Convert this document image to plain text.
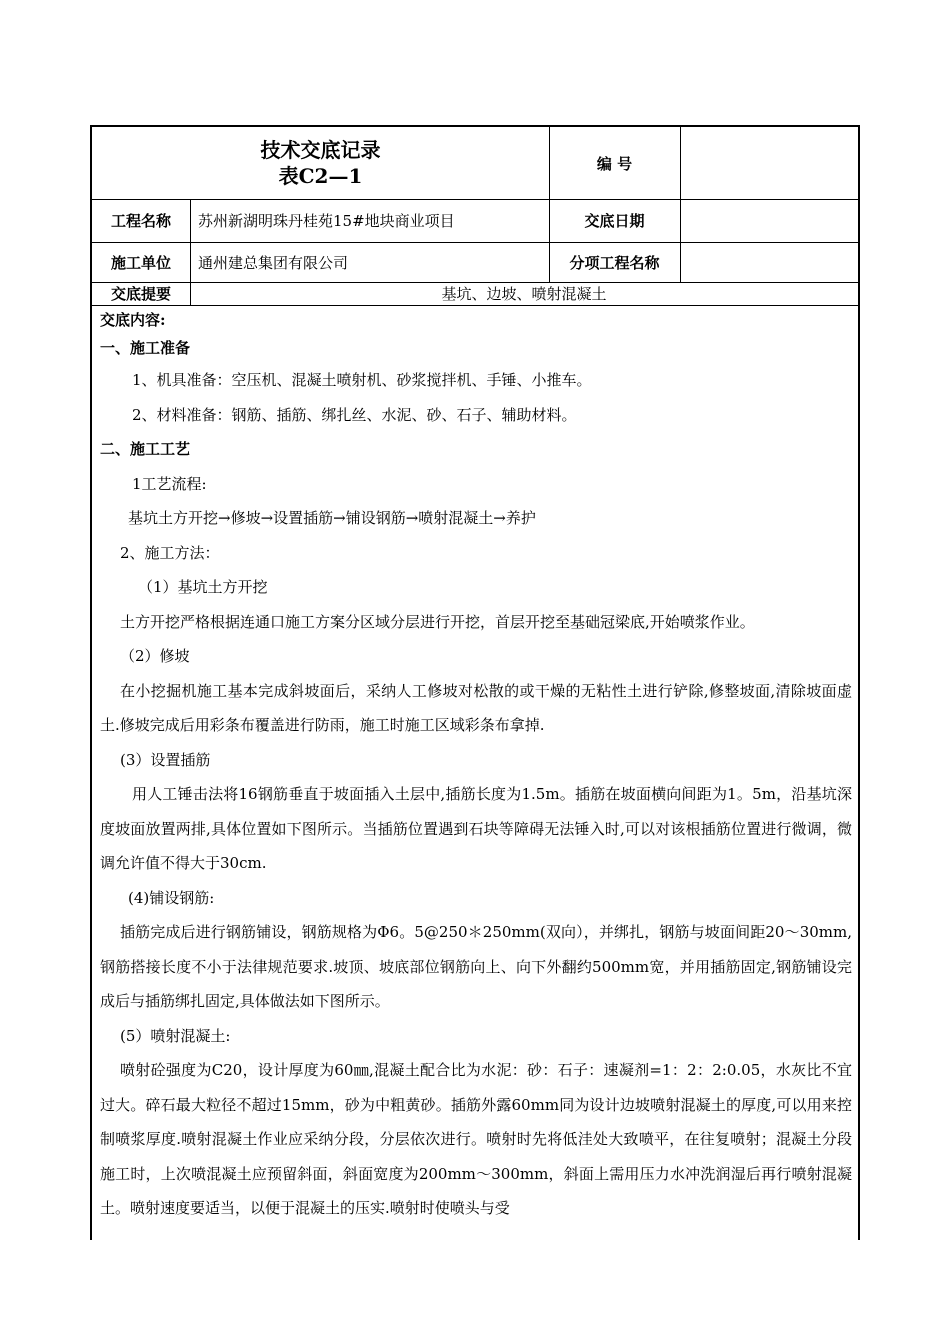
技术交底记录
表C2—1
编 号
工程名称	苏州新湖明珠丹桂苑15#地块商业项目	交底日期
施工单位	通州建总集团有限公司	分项工程名称
交底提要	基坑、边坡、喷射混凝土

交底内容:

一、施工准备

1、机具准备：空压机、混凝土喷射机、砂浆搅拌机、手锤、小推车。

2、材料准备：钢筋、插筋、绑扎丝、水泥、砂、石子、辅助材料。

二、施工工艺

1工艺流程:

基坑土方开挖→修坡→设置插筋→铺设钢筋→喷射混凝土→养护

2、施工方法：

（1）基坑土方开挖

土方开挖严格根据连通口施工方案分区域分层进行开挖，首层开挖至基础冠梁底,开始喷浆作业。

（2）修坡

在小挖掘机施工基本完成斜坡面后，采纳人工修坡对松散的或干燥的无粘性土进行铲除,修整坡面,清除坡面虚土.修坡完成后用彩条布覆盖进行防雨，施工时施工区域彩条布拿掉.

(3）设置插筋

用人工锤击法将16钢筋垂直于坡面插入土层中,插筋长度为1.5m。插筋在坡面横向间距为1。5m，沿基坑深度坡面放置两排,具体位置如下图所示。当插筋位置遇到石块等障碍无法锤入时,可以对该根插筋位置进行微调，微调允许值不得大于30cm.

(4)铺设钢筋:

插筋完成后进行钢筋铺设，钢筋规格为Φ6。5@250＊250mm(双向），并绑扎，钢筋与坡面间距20～30mm,钢筋搭接长度不小于法律规范要求.坡顶、坡底部位钢筋向上、向下外翻约500mm宽，并用插筋固定,钢筋铺设完成后与插筋绑扎固定,具体做法如下图所示。

(5）喷射混凝土:

喷射砼强度为C20，设计厚度为60㎜,混凝土配合比为水泥：砂：石子：速凝剂=1：2：2:0.05，水灰比不宜过大。碎石最大粒径不超过15mm，砂为中粗黄砂。插筋外露60mm同为设计边坡喷射混凝土的厚度,可以用来控制喷浆厚度.喷射混凝土作业应采纳分段，分层依次进行。喷射时先将低洼处大致喷平，在往复喷射；混凝土分段施工时，上次喷混凝土应预留斜面，斜面宽度为200mm～300mm，斜面上需用压力水冲洗润湿后再行喷射混凝土。喷射速度要适当，以便于混凝土的压实.喷射时使喷头与受
